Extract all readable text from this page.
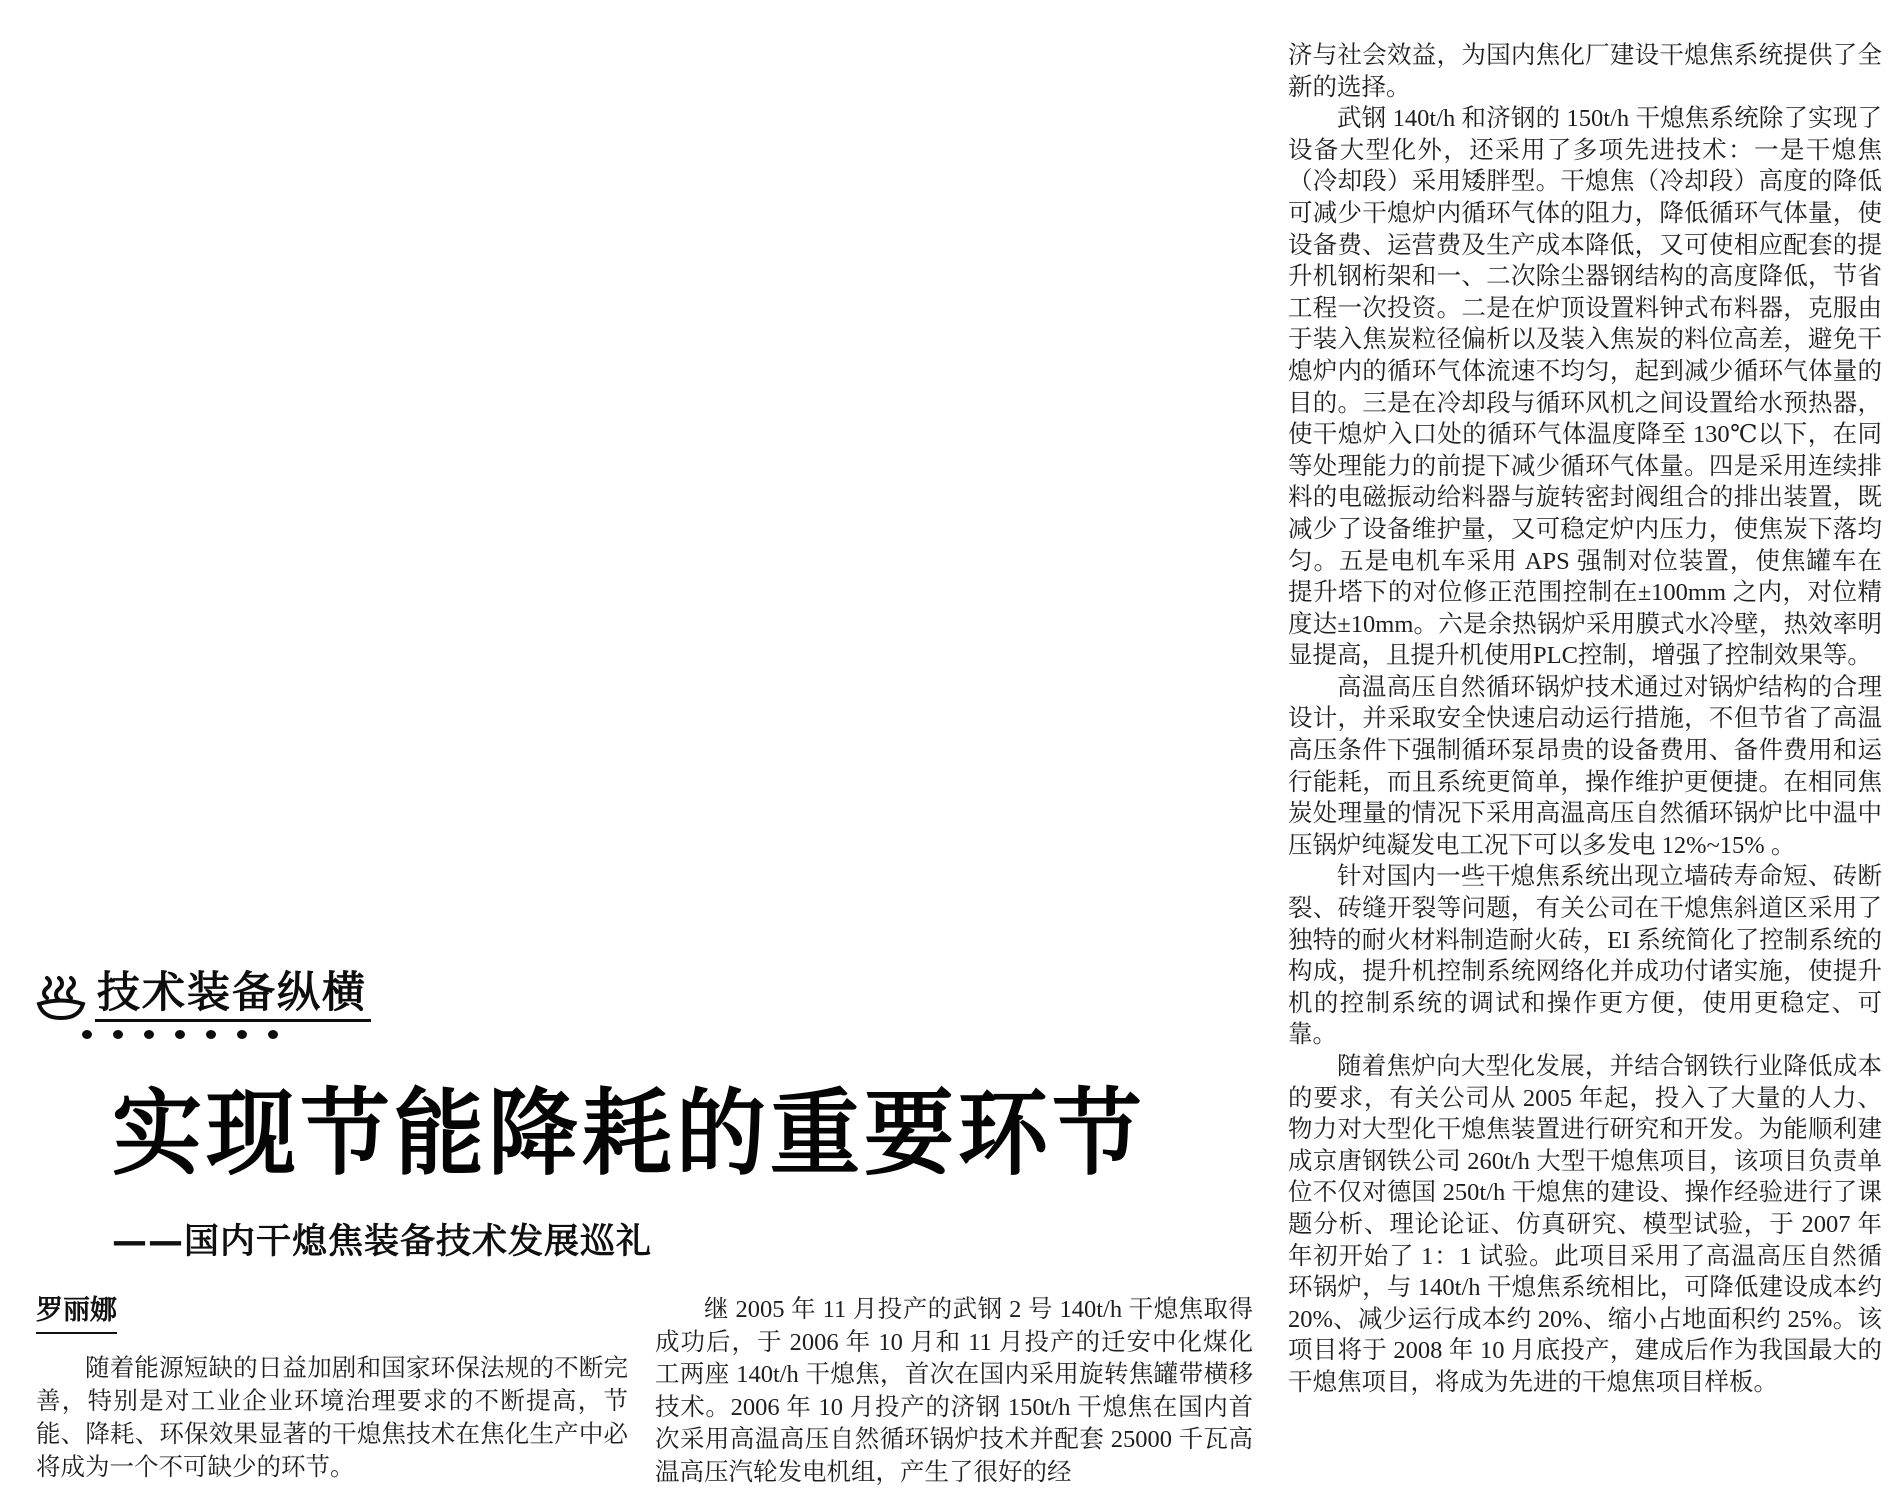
技术装备纵横
实现节能降耗的重要环节
——国内干熄焦装备技术发展巡礼
罗丽娜

随着能源短缺的日益加剧和国家环保法规的不断完善，特别是对工业企业环境治理要求的不断提高，节能、降耗、环保效果显著的干熄焦技术在焦化生产中必将成为一个不可缺少的环节。

继 2005 年 11 月投产的武钢 2 号 140t/h 干熄焦取得成功后，于 2006 年 10 月和 11 月投产的迁安中化煤化工两座 140t/h 干熄焦，首次在国内采用旋转焦罐带横移技术。2006 年 10 月投产的济钢 150t/h 干熄焦在国内首次采用高温高压自然循环锅炉技术并配套 25000 千瓦高温高压汽轮发电机组，产生了很好的经

济与社会效益，为国内焦化厂建设干熄焦系统提供了全新的选择。

武钢 140t/h 和济钢的 150t/h 干熄焦系统除了实现了设备大型化外，还采用了多项先进技术：一是干熄焦（冷却段）采用矮胖型。干熄焦（冷却段）高度的降低可减少干熄炉内循环气体的阻力，降低循环气体量，使设备费、运营费及生产成本降低，又可使相应配套的提升机钢桁架和一、二次除尘器钢结构的高度降低，节省工程一次投资。二是在炉顶设置料钟式布料器，克服由于装入焦炭粒径偏析以及装入焦炭的料位高差，避免干熄炉内的循环气体流速不均匀，起到减少循环气体量的目的。三是在冷却段与循环风机之间设置给水预热器，使干熄炉入口处的循环气体温度降至 130℃以下，在同等处理能力的前提下减少循环气体量。四是采用连续排料的电磁振动给料器与旋转密封阀组合的排出装置，既减少了设备维护量，又可稳定炉内压力，使焦炭下落均匀。五是电机车采用 APS 强制对位装置，使焦罐车在提升塔下的对位修正范围控制在±100mm 之内，对位精度达±10mm。六是余热锅炉采用膜式水冷壁，热效率明显提高，且提升机使用PLC控制，增强了控制效果等。

高温高压自然循环锅炉技术通过对锅炉结构的合理设计，并采取安全快速启动运行措施，不但节省了高温高压条件下强制循环泵昂贵的设备费用、备件费用和运行能耗，而且系统更简单，操作维护更便捷。在相同焦炭处理量的情况下采用高温高压自然循环锅炉比中温中压锅炉纯凝发电工况下可以多发电 12%~15% 。

针对国内一些干熄焦系统出现立墙砖寿命短、砖断裂、砖缝开裂等问题，有关公司在干熄焦斜道区采用了独特的耐火材料制造耐火砖，EI 系统简化了控制系统的构成，提升机控制系统网络化并成功付诸实施，使提升机的控制系统的调试和操作更方便，使用更稳定、可靠。

随着焦炉向大型化发展，并结合钢铁行业降低成本的要求，有关公司从 2005 年起，投入了大量的人力、物力对大型化干熄焦装置进行研究和开发。为能顺利建成京唐钢铁公司 260t/h 大型干熄焦项目，该项目负责单位不仅对德国 250t/h 干熄焦的建设、操作经验进行了课题分析、理论论证、仿真研究、模型试验，于 2007 年年初开始了 1：1 试验。此项目采用了高温高压自然循环锅炉，与 140t/h 干熄焦系统相比，可降低建设成本约 20%、减少运行成本约 20%、缩小占地面积约 25%。该项目将于 2008 年 10 月底投产，建成后作为我国最大的干熄焦项目，将成为先进的干熄焦项目样板。
